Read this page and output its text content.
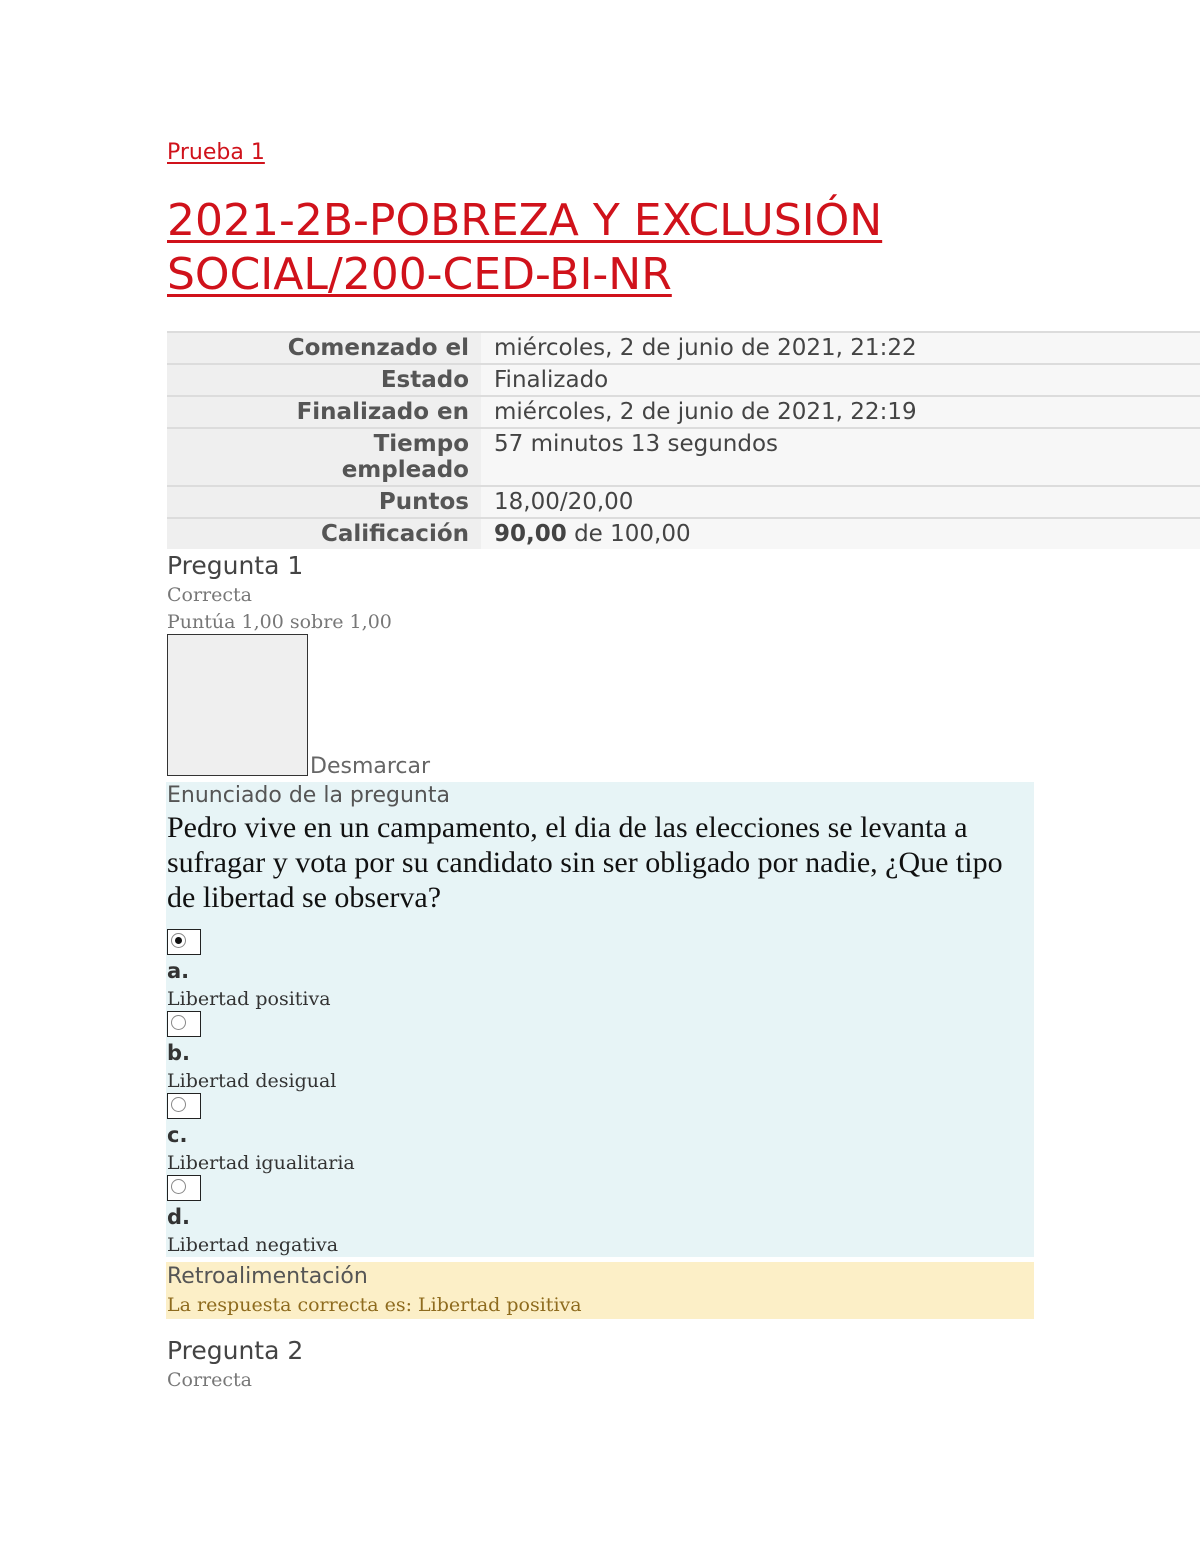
Prueba 1
2021-2B-POBREZA Y EXCLUSIÓN SOCIAL/200-CED-BI-NR
Comenzado el	miércoles, 2 de junio de 2021, 21:22
Estado	Finalizado
Finalizado en	miércoles, 2 de junio de 2021, 22:19
Tiempo empleado	57 minutos 13 segundos
Puntos	18,00/20,00
Calificación	90,00 de 100,00
Pregunta 1
Correcta
Puntúa 1,00 sobre 1,00
Desmarcar
Enunciado de la pregunta
Pedro vive en un campamento, el dia de las elecciones se levanta a sufragar y vota por su candidato sin ser obligado por nadie, ¿Que tipo de libertad se observa?
a.
Libertad positiva
b.
Libertad desigual
c.
Libertad igualitaria
d.
Libertad negativa
Retroalimentación
La respuesta correcta es: Libertad positiva
Pregunta 2
Correcta
